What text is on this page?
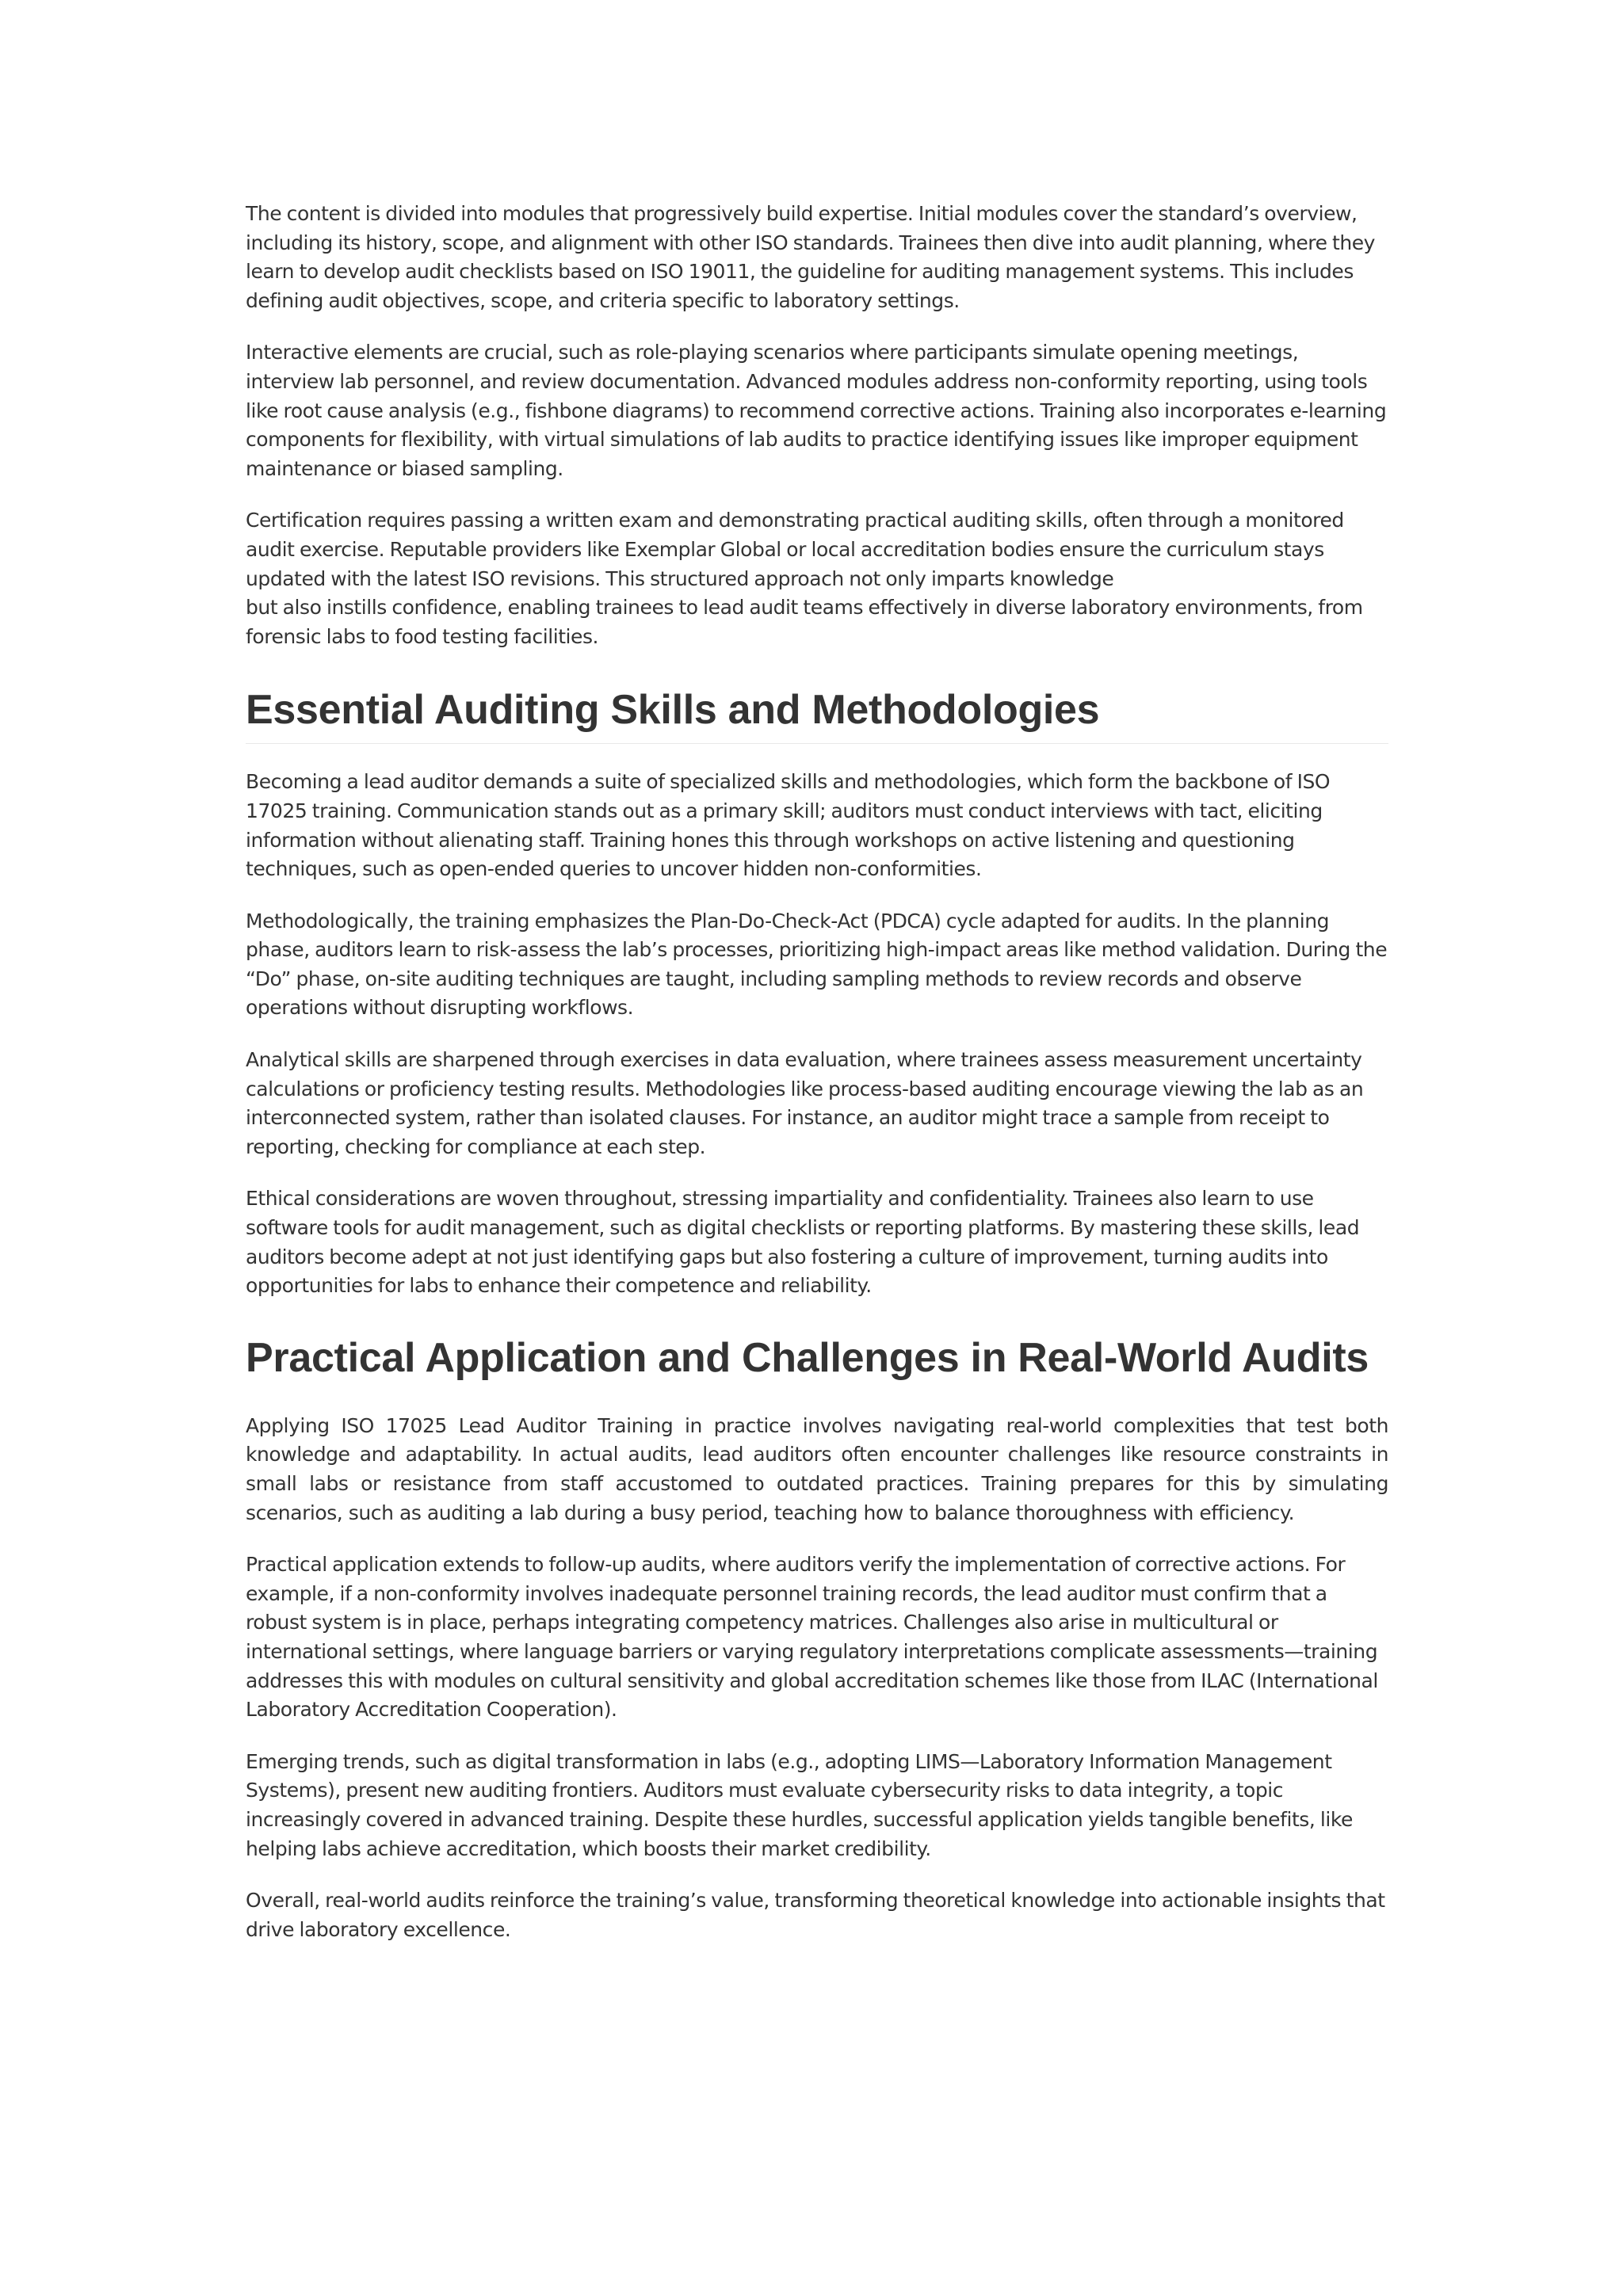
The content is divided into modules that progressively build expertise. Initial modules cover the standard’s overview, including its history, scope, and alignment with other ISO standards. Trainees then dive into audit planning, where they learn to develop audit checklists based on ISO 19011, the guideline for auditing management systems. This includes defining audit objectives, scope, and criteria specific to laboratory settings.

Interactive elements are crucial, such as role-playing scenarios where participants simulate opening meetings, interview lab personnel, and review documentation. Advanced modules address non-conformity reporting, using tools like root cause analysis (e.g., fishbone diagrams) to recommend corrective actions. Training also incorporates e-learning components for flexibility, with virtual simulations of lab audits to practice identifying issues like improper equipment maintenance or biased sampling.

Certification requires passing a written exam and demonstrating practical auditing skills, often through a monitored audit exercise. Reputable providers like Exemplar Global or local accreditation bodies ensure the curriculum stays updated with the latest ISO revisions. This structured approach not only imparts knowledge
but also instills confidence, enabling trainees to lead audit teams effectively in diverse laboratory environments, from forensic labs to food testing facilities.

Essential Auditing Skills and Methodologies

Becoming a lead auditor demands a suite of specialized skills and methodologies, which form the backbone of ISO 17025 training. Communication stands out as a primary skill; auditors must conduct interviews with tact, eliciting information without alienating staff. Training hones this through workshops on active listening and questioning techniques, such as open-ended queries to uncover hidden non-conformities.

Methodologically, the training emphasizes the Plan-Do-Check-Act (PDCA) cycle adapted for audits. In the planning phase, auditors learn to risk-assess the lab’s processes, prioritizing high-impact areas like method validation. During the “Do” phase, on-site auditing techniques are taught, including sampling methods to review records and observe operations without disrupting workflows.

Analytical skills are sharpened through exercises in data evaluation, where trainees assess measurement uncertainty calculations or proficiency testing results. Methodologies like process-based auditing encourage viewing the lab as an interconnected system, rather than isolated clauses. For instance, an auditor might trace a sample from receipt to reporting, checking for compliance at each step.

Ethical considerations are woven throughout, stressing impartiality and confidentiality. Trainees also learn to use software tools for audit management, such as digital checklists or reporting platforms. By mastering these skills, lead auditors become adept at not just identifying gaps but also fostering a culture of improvement, turning audits into opportunities for labs to enhance their competence and reliability.

Practical Application and Challenges in Real-World Audits

Applying ISO 17025 Lead Auditor Training in practice involves navigating real-world complexities that test both knowledge and adaptability. In actual audits, lead auditors often encounter challenges like resource constraints in small labs or resistance from staff accustomed to outdated practices. Training prepares for this by simulating scenarios, such as auditing a lab during a busy period, teaching how to balance thoroughness with efficiency.

Practical application extends to follow-up audits, where auditors verify the implementation of corrective actions. For example, if a non-conformity involves inadequate personnel training records, the lead auditor must confirm that a robust system is in place, perhaps integrating competency matrices. Challenges also arise in multicultural or international settings, where language barriers or varying regulatory interpretations complicate assessments—training addresses this with modules on cultural sensitivity and global accreditation schemes like those from ILAC (International Laboratory Accreditation Cooperation).

Emerging trends, such as digital transformation in labs (e.g., adopting LIMS—Laboratory Information Management Systems), present new auditing frontiers. Auditors must evaluate cybersecurity risks to data integrity, a topic increasingly covered in advanced training. Despite these hurdles, successful application yields tangible benefits, like helping labs achieve accreditation, which boosts their market credibility.

Overall, real-world audits reinforce the training’s value, transforming theoretical knowledge into actionable insights that drive laboratory excellence.
